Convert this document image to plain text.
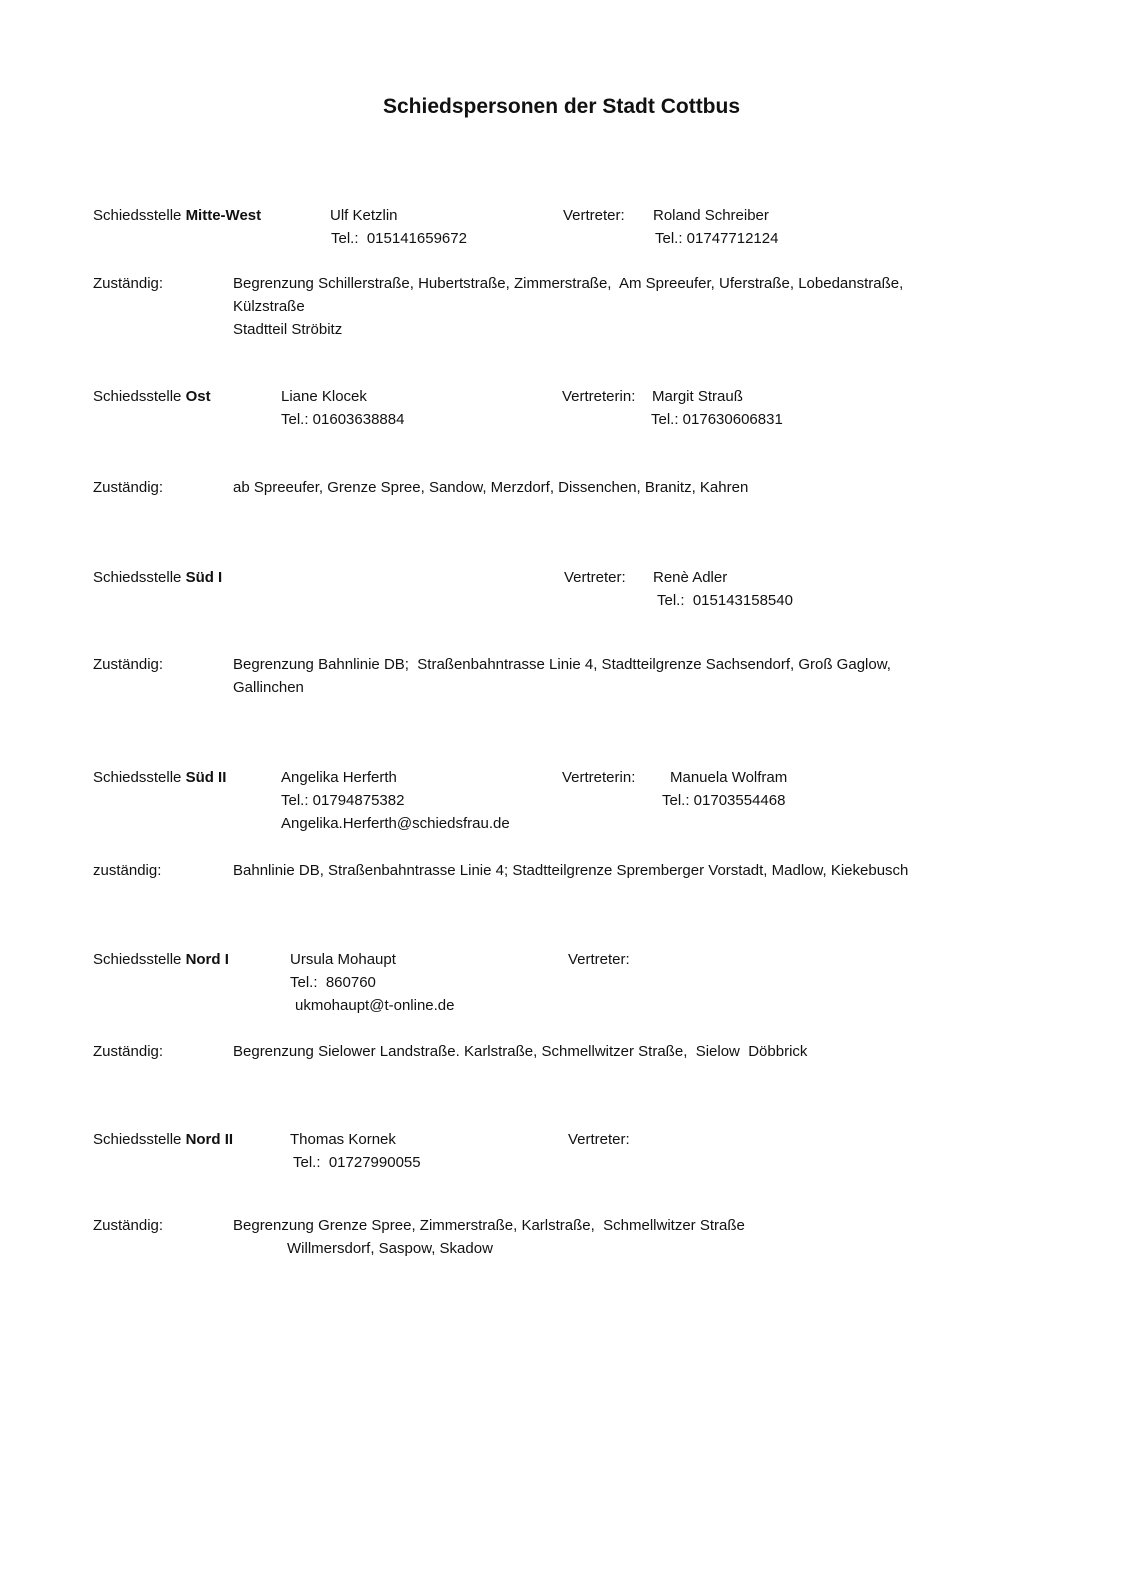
Schiedspersonen der Stadt Cottbus
Schiedsstelle Mitte-West	Ulf Ketzlin	Vertreter: Roland Schreiber
Tel.:  015141659672	Tel.: 01747712124
Zuständig:	Begrenzung Schillerstraße, Hubertstraße, Zimmerstraße,  Am Spreeufer, Uferstraße, Lobedanstraße,
Külzstraße
Stadtteil Ströbitz
Schiedsstelle Ost	Liane Klocek	Vertreterin: Margit Strauß
Tel.: 01603638884	Tel.: 017630606831
Zuständig:	ab Spreeufer, Grenze Spree, Sandow, Merzdorf, Dissenchen, Branitz, Kahren
Schiedsstelle Süd I	Vertreter: Renè Adler
Tel.:  015143158540
Zuständig:	Begrenzung Bahnlinie DB;  Straßenbahntrasse Linie 4, Stadtteilgrenze Sachsendorf, Groß Gaglow,
Gallinchen
Schiedsstelle Süd II	Angelika Herferth	Vertreterin: Manuela Wolfram
Tel.: 01794875382	Tel.: 01703554468
Angelika.Herferth@schiedsfrau.de
zuständig:	Bahnlinie DB, Straßenbahntrasse Linie 4; Stadtteilgrenze Spremberger Vorstadt, Madlow, Kiekebusch
Schiedsstelle Nord I	Ursula Mohaupt	Vertreter:
Tel.:  860760
ukmohaupt@t-online.de
Zuständig:	Begrenzung Sielower Landstraße. Karlstraße, Schmellwitzer Straße,  Sielow  Döbbrick
Schiedsstelle Nord II	Thomas Kornek	Vertreter:
Tel.:  01727990055
Zuständig:	Begrenzung Grenze Spree, Zimmerstraße, Karlstraße,  Schmellwitzer Straße
Willmersdorf, Saspow, Skadow
